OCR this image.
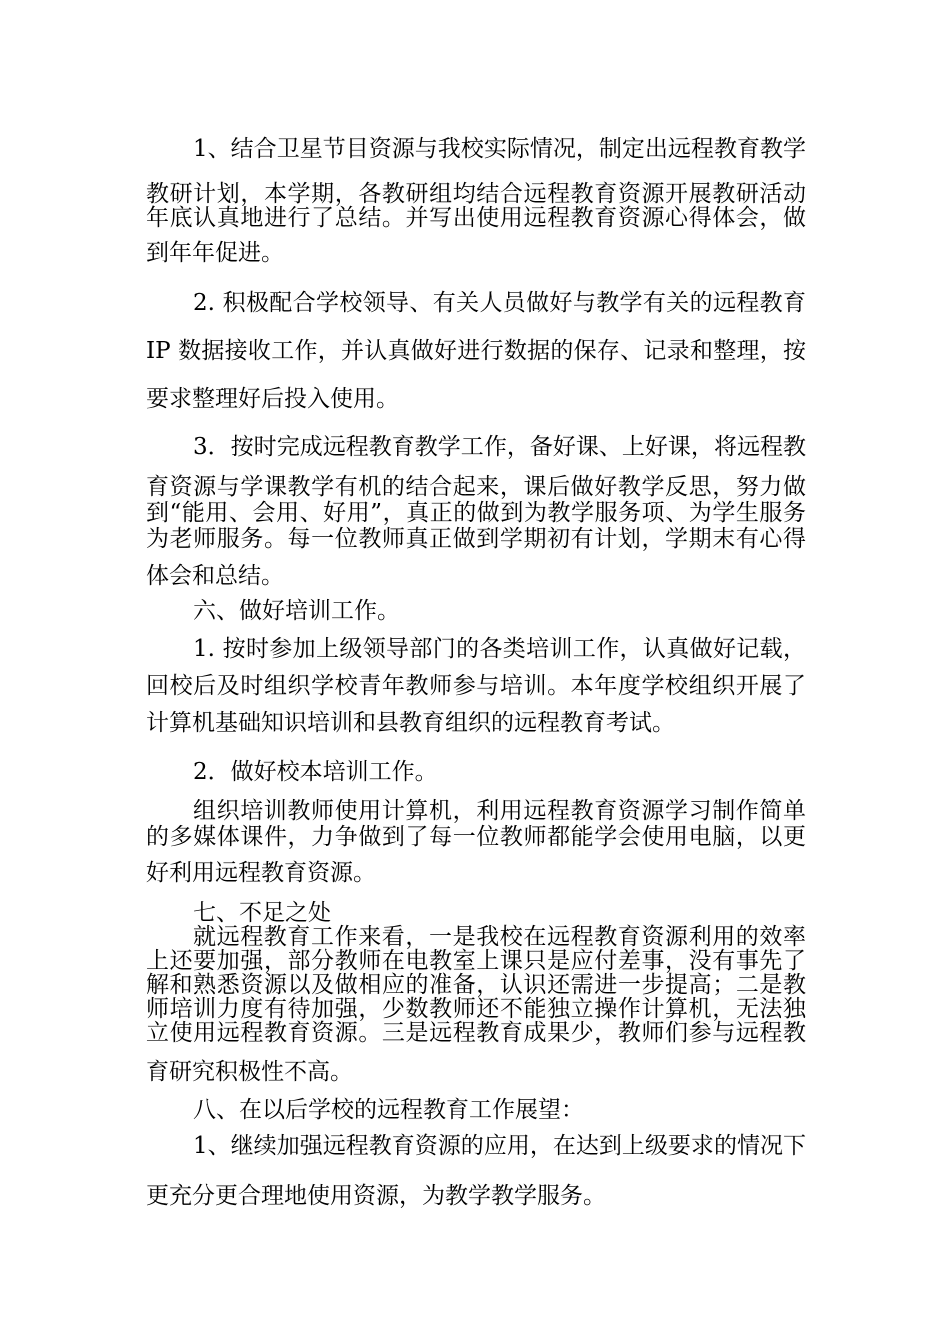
1、结合卫星节目资源与我校实际情况，制定出远程教育教学
教研计划，本学期，各教研组均结合远程教育资源开展教研活动
年底认真地进行了总结。并写出使用远程教育资源心得体会，做
到年年促进。
2. 积极配合学校领导、有关人员做好与教学有关的远程教育
IP 数据接收工作，并认真做好进行数据的保存、记录和整理，按
要求整理好后投入使用。
3．按时完成远程教育教学工作，备好课、上好课，将远程教
育资源与学课教学有机的结合起来，课后做好教学反思，努力做
到“能用、会用、好用”，真正的做到为教学服务项、为学生服务
为老师服务。每一位教师真正做到学期初有计划，学期末有心得
体会和总结。
六、做好培训工作。
1. 按时参加上级领导部门的各类培训工作，认真做好记载，
回校后及时组织学校青年教师参与培训。本年度学校组织开展了
计算机基础知识培训和县教育组织的远程教育考试。
2．做好校本培训工作。
组织培训教师使用计算机，利用远程教育资源学习制作简单
的多媒体课件，力争做到了每一位教师都能学会使用电脑，以更
好利用远程教育资源。
七、不足之处
就远程教育工作来看，一是我校在远程教育资源利用的效率
上还要加强，部分教师在电教室上课只是应付差事，没有事先了
解和熟悉资源以及做相应的准备，认识还需进一步提高；二是教
师培训力度有待加强，少数教师还不能独立操作计算机，无法独
立使用远程教育资源。三是远程教育成果少，教师们参与远程教
育研究积极性不高。
八、在以后学校的远程教育工作展望：
1、继续加强远程教育资源的应用，在达到上级要求的情况下
更充分更合理地使用资源，为教学教学服务。
